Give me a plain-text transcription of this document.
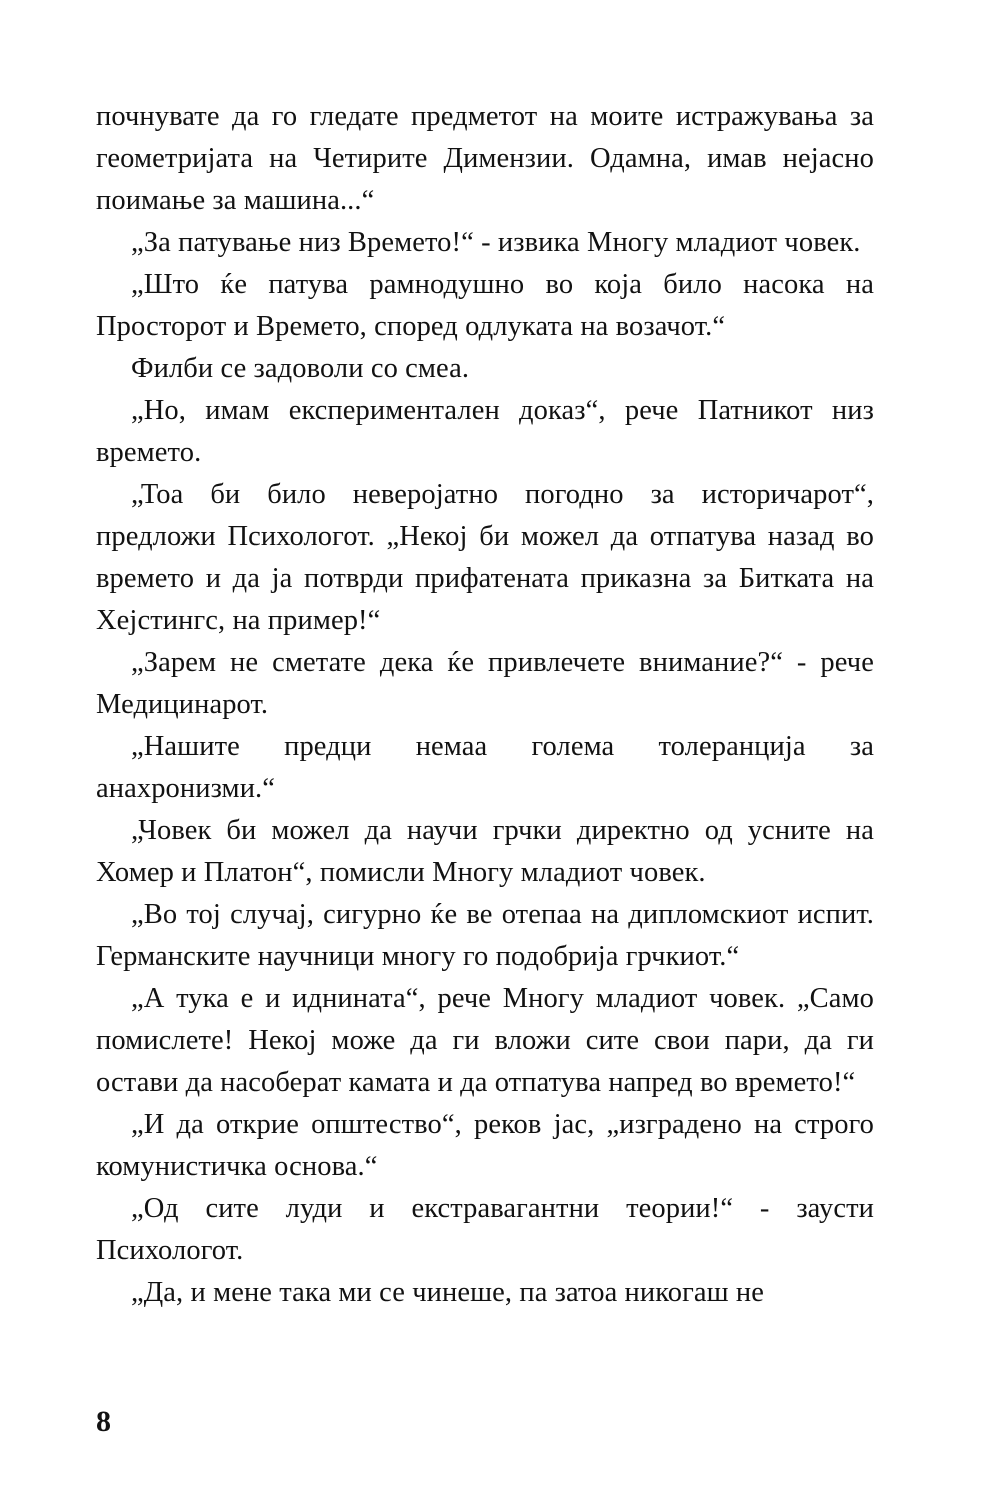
почнувате да го гледате предметот на моите истражувања за геометријата на Четирите Димензии. Одамна, имав нејасно поимање за машина...“

„За патување низ Времето!“ - извика Многу младиот човек.

„Што ќе патува рамнодушно во која било насока на Просторот и Времето, според одлуката на возачот.“

Филби се задоволи со смеа.

„Но, имам експериментален доказ“, рече Патникот низ времето.

„Тоа би било неверојатно погодно за историчарот“, предложи Психологот. „Некој би можел да отпатува назад во времето и да ја потврди прифатената приказна за Битката на Хејстингс, на пример!“

„Зарем не сметате дека ќе привлечете внимание?“ - рече Медицинарот.

„Нашите предци немаа голема толеранција за анахронизми.“

„Човек би можел да научи грчки директно од усните на Хомер и Платон“, помисли Многу младиот човек.

„Во тој случај, сигурно ќе ве отепаа на дипломскиот испит. Германските научници многу го подобрија грчкиот.“

„А тука е и иднината“, рече Многу младиот човек. „Само помислете! Некој може да ги вложи сите свои пари, да ги остави да насоберат камата и да отпатува напред во времето!“

„И да открие општество“, реков јас, „изградено на строго комунистичка основа.“

„Од сите луди и екстравагантни теории!“ - заусти Психологот.

„Да, и мене така ми се чинеше, па затоа никогаш не

8
